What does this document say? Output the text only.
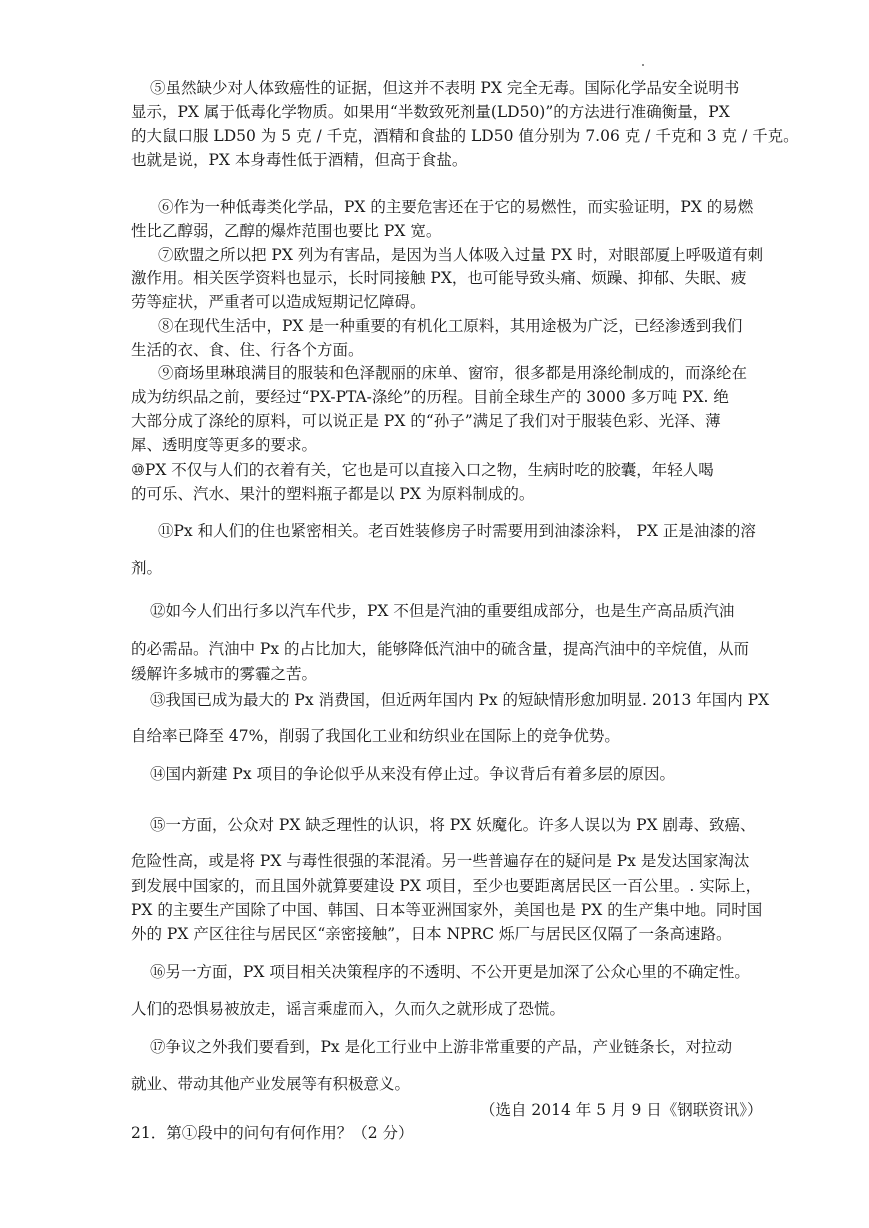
⑤虽然缺少对人体致癌性的证据，但这并不表明 PX 完全无毒。国际化学品安全说明书
显示，PX 属于低毒化学物质。如果用“半数致死剂量(LD50)”的方法进行准确衡量，PX
的大鼠口服 LD50 为 5 克 / 千克，酒精和食盐的 LD50 值分别为 7.06 克 / 千克和 3 克 / 千克。
也就是说，PX 本身毒性低于酒精，但高于食盐。
⑥作为一种低毒类化学品，PX 的主要危害还在于它的易燃性，而实验证明，PX 的易燃
性比乙醇弱，乙醇的爆炸范围也要比 PX 宽。
⑦欧盟之所以把 PX 列为有害品，是因为当人体吸入过量 PX 时，对眼部厦上呼吸道有刺
激作用。相关医学资料也显示，长时同接触 PX，也可能导致头痛、烦躁、抑郁、失眠、疲
劳等症状，严重者可以造成短期记忆障碍。
⑧在现代生活中，PX 是一种重要的有机化工原料，其用途极为广泛，已经渗透到我们
生活的衣、食、住、行各个方面。
⑨商场里琳琅满目的服装和色泽靓丽的床单、窗帘，很多都是用涤纶制成的，而涤纶在
成为纺织品之前，要经过“PX-PTA-涤纶”的历程。目前全球生产的 3000 多万吨 PX. 绝
大部分成了涤纶的原料，可以说正是 PX 的“孙子”满足了我们对于服装色彩、光泽、薄
犀、透明度等更多的要求。
⑩PX 不仅与人们的衣着有关，它也是可以直接入口之物，生病时吃的胶囊，年轻人喝
的可乐、汽水、果汁的塑料瓶子都是以 PX 为原料制成的。
⑪Px 和人们的住也紧密相关。老百姓装修房子时需要用到油漆涂料， PX 正是油漆的溶
剂。
⑫如今人们出行多以汽车代步，PX 不但是汽油的重要组成部分，也是生产高品质汽油
的必需品。汽油中 Px 的占比加大，能够降低汽油中的硫含量，提高汽油中的辛烷值，从而
缓解许多城市的雾霾之苦。
⑬我国已成为最大的 Px 消费国，但近两年国内 Px 的短缺情形愈加明显. 2013 年国内 PX
自给率已降至 47%，削弱了我国化工业和纺织业在国际上的竞争优势。
⑭国内新建 Px 项目的争论似乎从来没有停止过。争议背后有着多层的原因。
⑮一方面，公众对 PX 缺乏理性的认识，将 PX 妖魔化。许多人误以为 PX 剧毒、致癌、
危险性高，或是将 PX 与毒性很强的苯混淆。另一些普遍存在的疑问是 Px 是发达国家淘汰
到发展中国家的，而且国外就算要建设 PX 项目，至少也要距离居民区一百公里。. 实际上，
PX 的主要生产国除了中国、韩国、日本等亚洲国家外，美国也是 PX 的生产集中地。同时国
外的 PX 产区往往与居民区“亲密接触”，日本 NPRC 烁厂与居民区仅隔了一条高速路。
⑯另一方面，PX 项目相关决策程序的不透明、不公开更是加深了公众心里的不确定性。
人们的恐惧易被放走，谣言乘虚而入，久而久之就形成了恐慌。
⑰争议之外我们要看到，Px 是化工行业中上游非常重要的产品，产业链条长，对拉动
就业、带动其他产业发展等有积极意义。
（选自 2014 年 5 月 9 日《钢联资讯》）
21．第①段中的问句有何作用？（2 分）
